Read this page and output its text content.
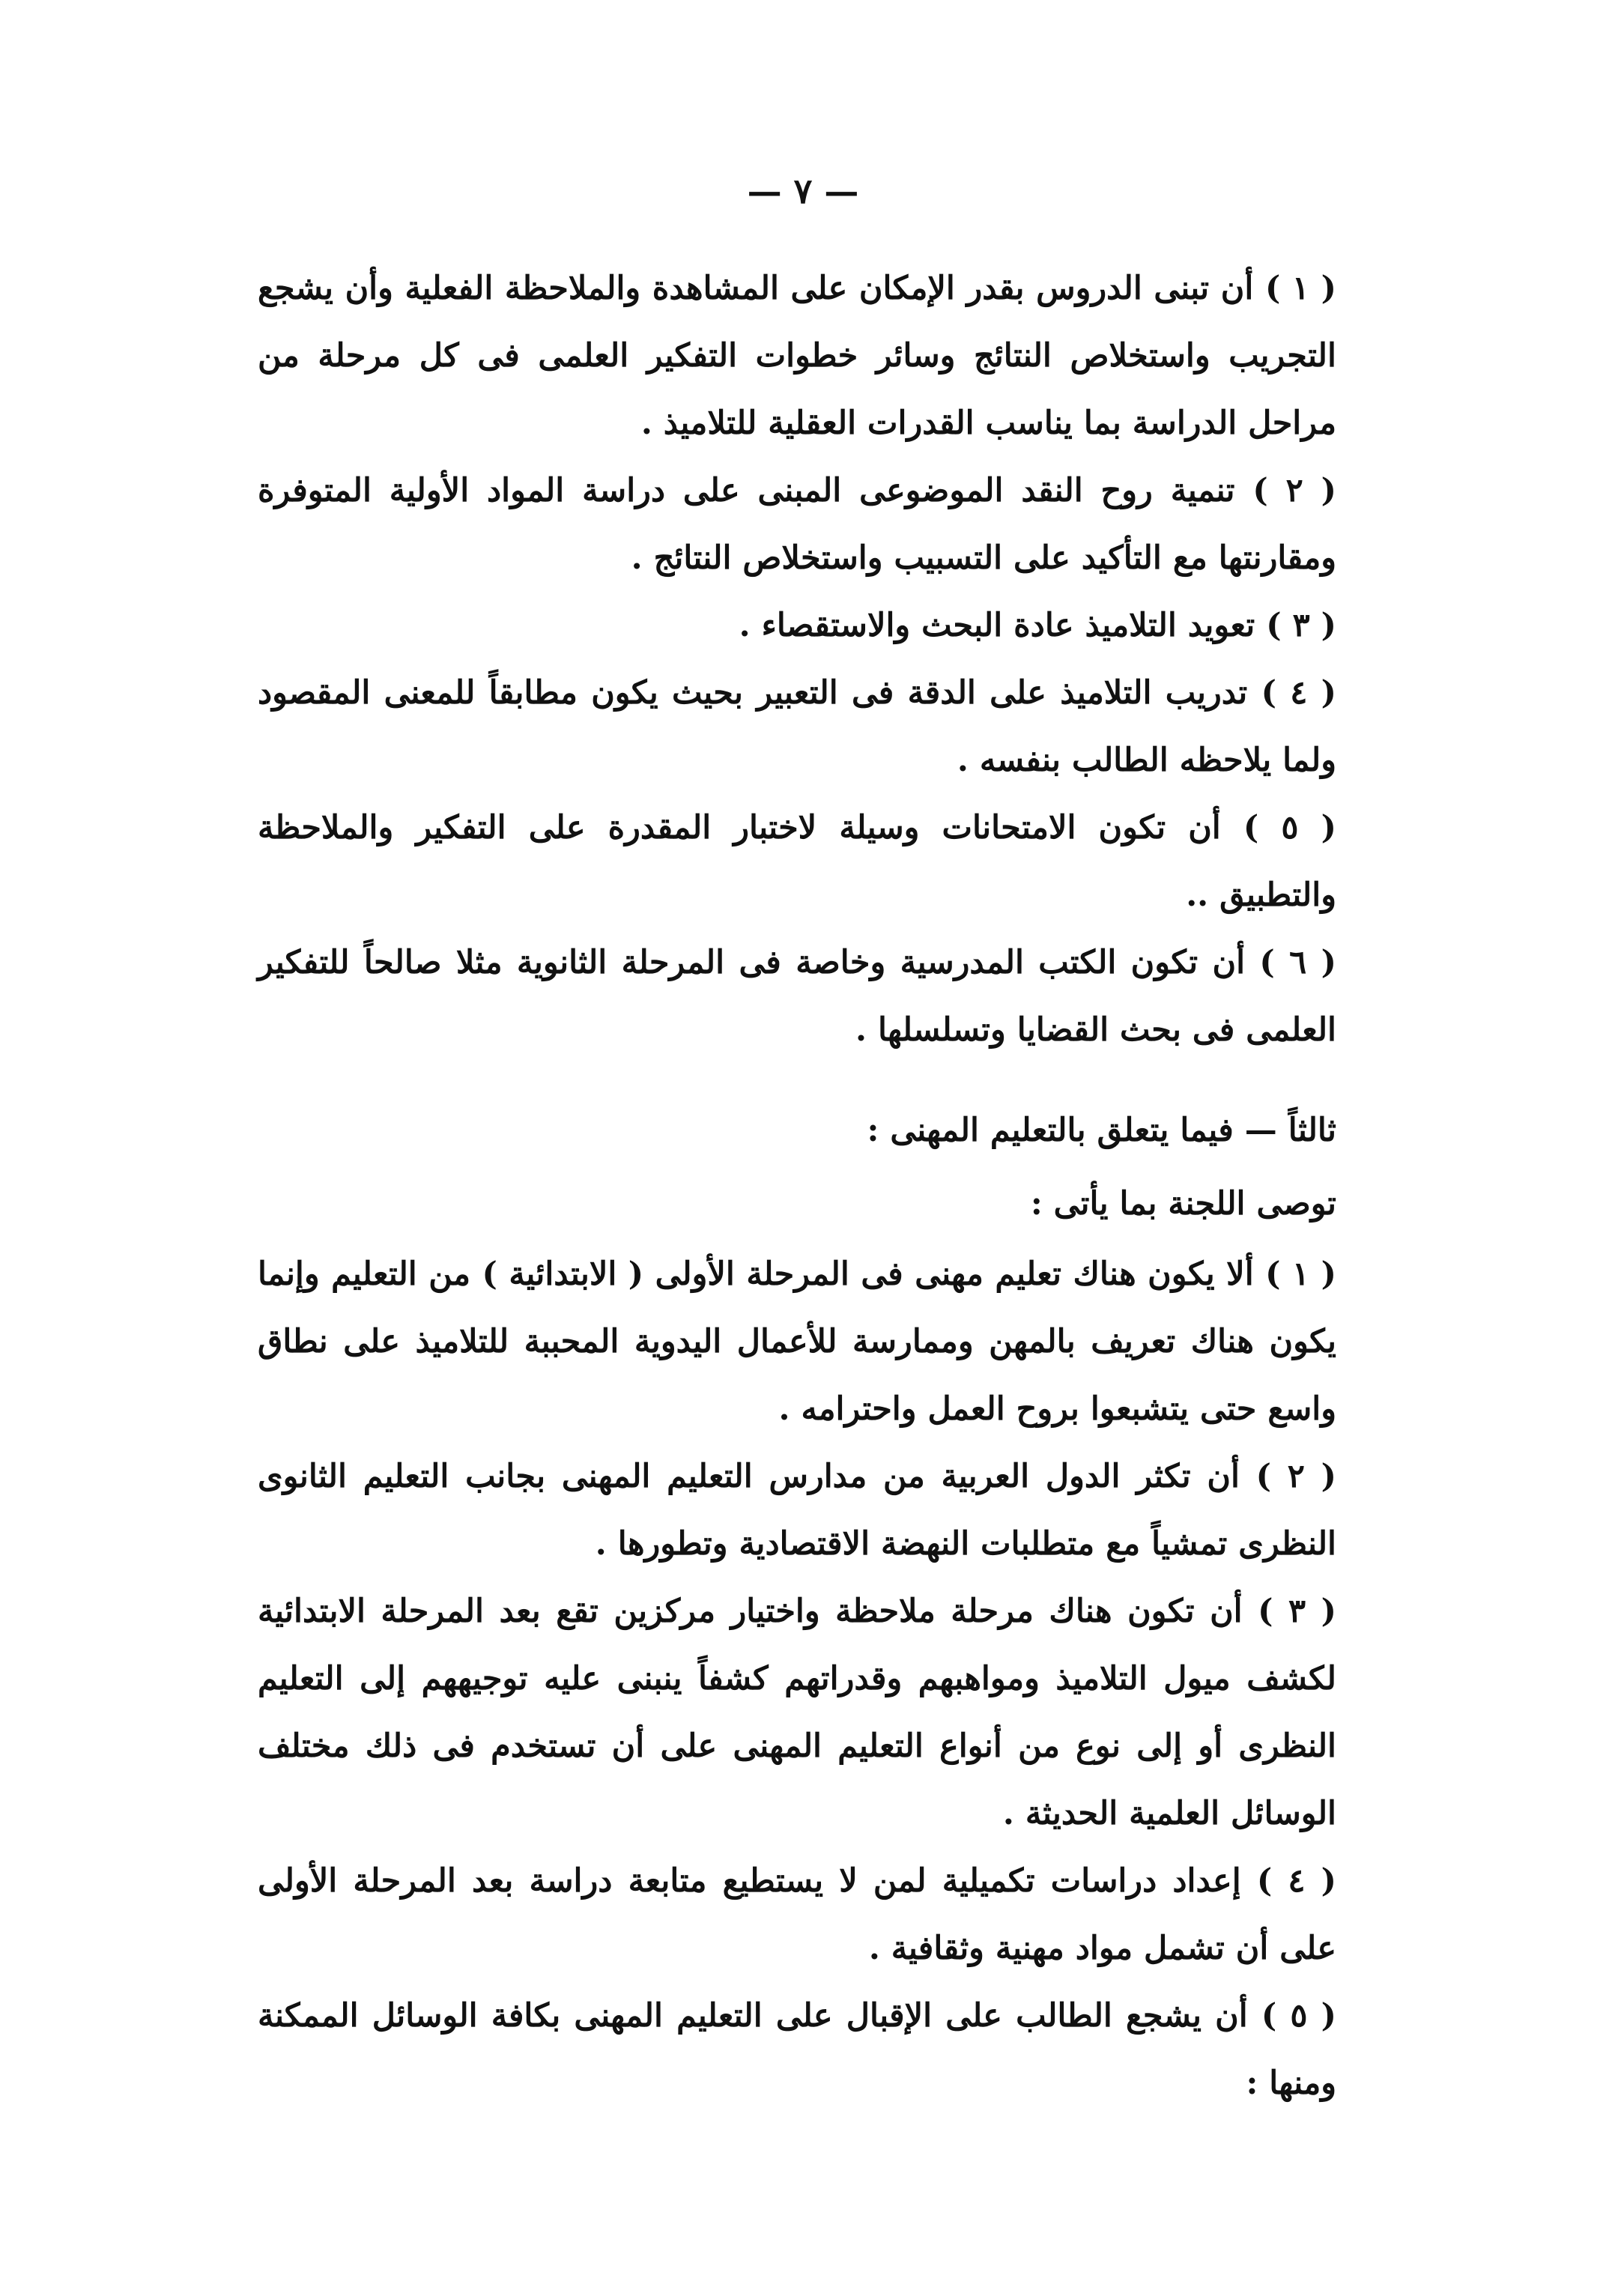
— ٧ —

( ١ ) أن تبنى الدروس بقدر الإمكان على المشاهدة والملاحظة الفعلية وأن يشجع التجريب واستخلاص النتائج وسائر خطوات التفكير العلمى فى كل مرحلة من مراحل الدراسة بما يناسب القدرات العقلية للتلاميذ .

( ٢ ) تنمية روح النقد الموضوعى المبنى على دراسة المواد الأولية المتوفرة ومقارنتها مع التأكيد على التسبيب واستخلاص النتائج .

( ٣ ) تعويد التلاميذ عادة البحث والاستقصاء .

( ٤ ) تدريب التلاميذ على الدقة فى التعبير بحيث يكون مطابقاً للمعنى المقصود ولما يلاحظه الطالب بنفسه .

( ٥ ) أن تكون الامتحانات وسيلة لاختبار المقدرة على التفكير والملاحظة والتطبيق ..

( ٦ ) أن تكون الكتب المدرسية وخاصة فى المرحلة الثانوية مثلا صالحاً للتفكير العلمى فى بحث القضايا وتسلسلها .

ثالثاً — فيما يتعلق بالتعليم المهنى :

توصى اللجنة بما يأتى :

( ١ ) ألا يكون هناك تعليم مهنى فى المرحلة الأولى ( الابتدائية ) من التعليم وإنما يكون هناك تعريف بالمهن وممارسة للأعمال اليدوية المحببة للتلاميذ على نطاق واسع حتى يتشبعوا بروح العمل واحترامه .

( ٢ ) أن تكثر الدول العربية من مدارس التعليم المهنى بجانب التعليم الثانوى النظرى تمشياً مع متطلبات النهضة الاقتصادية وتطورها .

( ٣ ) أن تكون هناك مرحلة ملاحظة واختيار مركزين تقع بعد المرحلة الابتدائية لكشف ميول التلاميذ ومواهبهم وقدراتهم كشفاً ينبنى عليه توجيههم إلى التعليم النظرى أو إلى نوع من أنواع التعليم المهنى على أن تستخدم فى ذلك مختلف الوسائل العلمية الحديثة .

( ٤ ) إعداد دراسات تكميلية لمن لا يستطيع متابعة دراسة بعد المرحلة الأولى على أن تشمل مواد مهنية وثقافية .

( ٥ ) أن يشجع الطالب على الإقبال على التعليم المهنى بكافة الوسائل الممكنة ومنها :
